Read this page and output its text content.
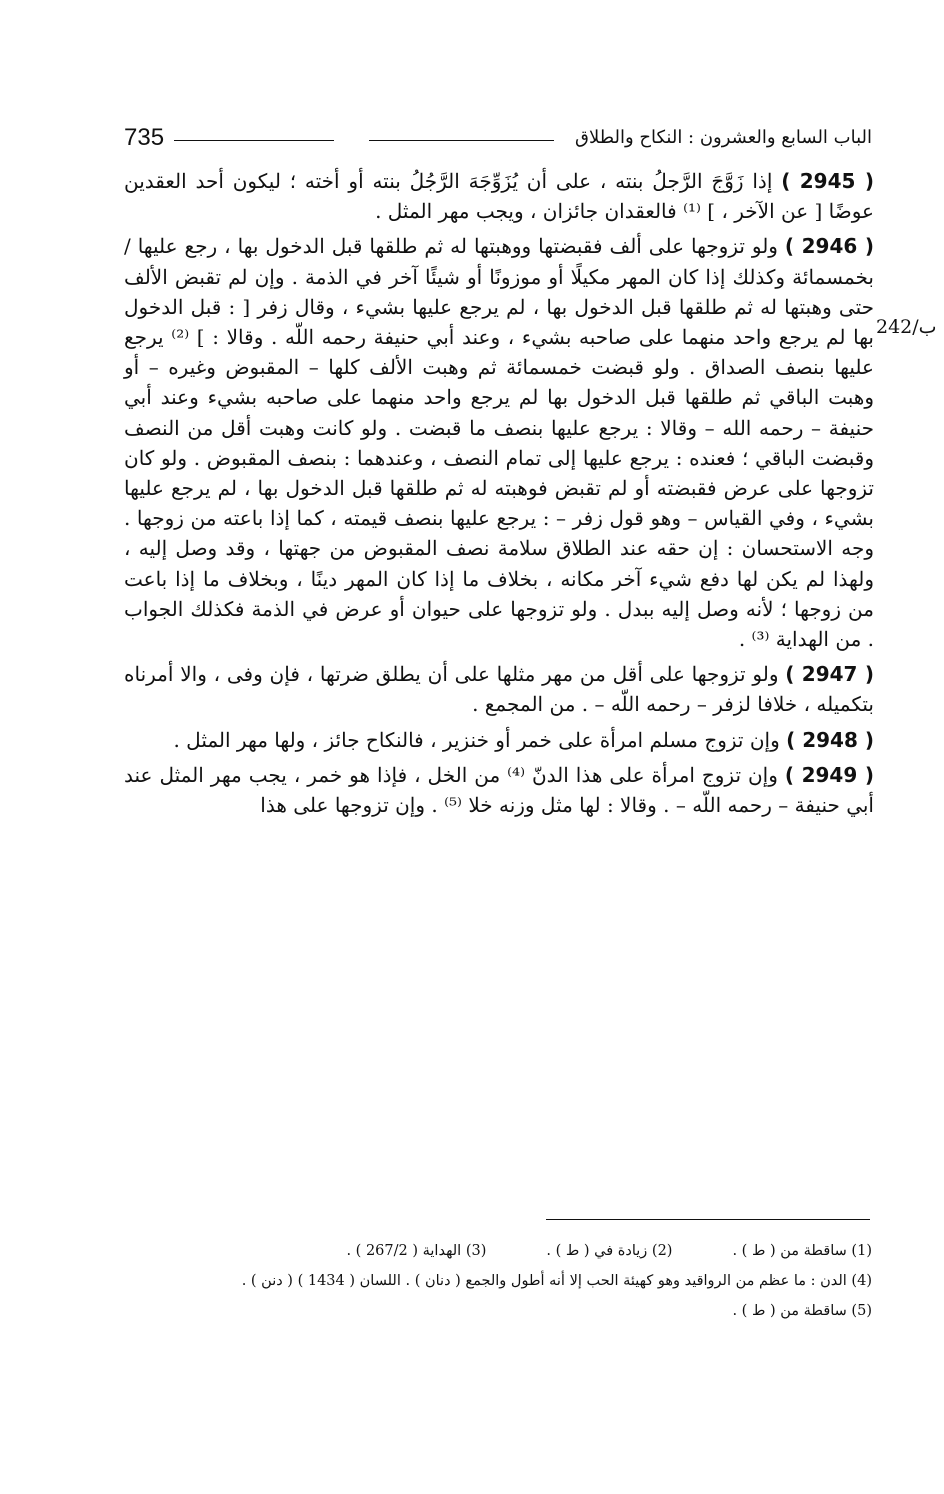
735	الباب السابع والعشرون : النكاح والطلاق
242/ب

( 2945 ) إذا زَوَّجَ الرَّجلُ بنته ، على أن يُزَوِّجَهَ الرَّجُلُ بنته أو أخته ؛ ليكون أحد العقدين عوضًا [ عن الآخر ، ] ⁽¹⁾ فالعقدان جائزان ، ويجب مهر المثل .

( 2946 ) ولو تزوجها على ألف فقبضتها ووهبتها له ثم طلقها قبل الدخول بها ، رجع عليها / بخمسمائة وكذلك إذا كان المهر مكيلًا أو موزونًا أو شيئًا آخر في الذمة . وإن لم تقبض الألف حتى وهبتها له ثم طلقها قبل الدخول بها ، لم يرجع عليها بشيء ، وقال زفر [ : قبل الدخول بها لم يرجع واحد منهما على صاحبه بشيء ، وعند أبي حنيفة رحمه اللّه . وقالا : ] ⁽²⁾ يرجع عليها بنصف الصداق . ولو قبضت خمسمائة ثم وهبت الألف كلها – المقبوض وغيره – أو وهبت الباقي ثم طلقها قبل الدخول بها لم يرجع واحد منهما على صاحبه بشيء وعند أبي حنيفة – رحمه الله – وقالا : يرجع عليها بنصف ما قبضت . ولو كانت وهبت أقل من النصف وقبضت الباقي ؛ فعنده : يرجع عليها إلى تمام النصف ، وعندهما : بنصف المقبوض . ولو كان تزوجها على عرض فقبضته أو لم تقبض فوهبته له ثم طلقها قبل الدخول بها ، لم يرجع عليها بشيء ، وفي القياس – وهو قول زفر – : يرجع عليها بنصف قيمته ، كما إذا باعته من زوجها . وجه الاستحسان : إن حقه عند الطلاق سلامة نصف المقبوض من جهتها ، وقد وصل إليه ، ولهذا لم يكن لها دفع شيء آخر مكانه ، بخلاف ما إذا كان المهر دينًا ، وبخلاف ما إذا باعت من زوجها ؛ لأنه وصل إليه ببدل . ولو تزوجها على حيوان أو عرض في الذمة فكذلك الجواب . من الهداية ⁽³⁾ .

( 2947 ) ولو تزوجها على أقل من مهر مثلها على أن يطلق ضرتها ، فإن وفى ، والا أمرناه بتكميله ، خلافا لزفر – رحمه اللّه – . من المجمع .

( 2948 ) وإن تزوج مسلم امرأة على خمر أو خنزير ، فالنكاح جائز ، ولها مهر المثل .

( 2949 ) وإن تزوج امرأة على هذا الدنّ ⁽⁴⁾ من الخل ، فإذا هو خمر ، يجب مهر المثل عند أبي حنيفة – رحمه اللّه – . وقالا : لها مثل وزنه خلا ⁽⁵⁾ . وإن تزوجها على هذا

(1) ساقطة من ( ط ) .
(2) زيادة في ( ط ) .
(3) الهداية ( 267/2 ) .
(4) الدن : ما عظم من الرواقيد وهو كهيئة الحب إلا أنه أطول والجمع ( دنان ) . اللسان ( 1434 ) ( دنن ) .
(5) ساقطة من ( ط ) .
